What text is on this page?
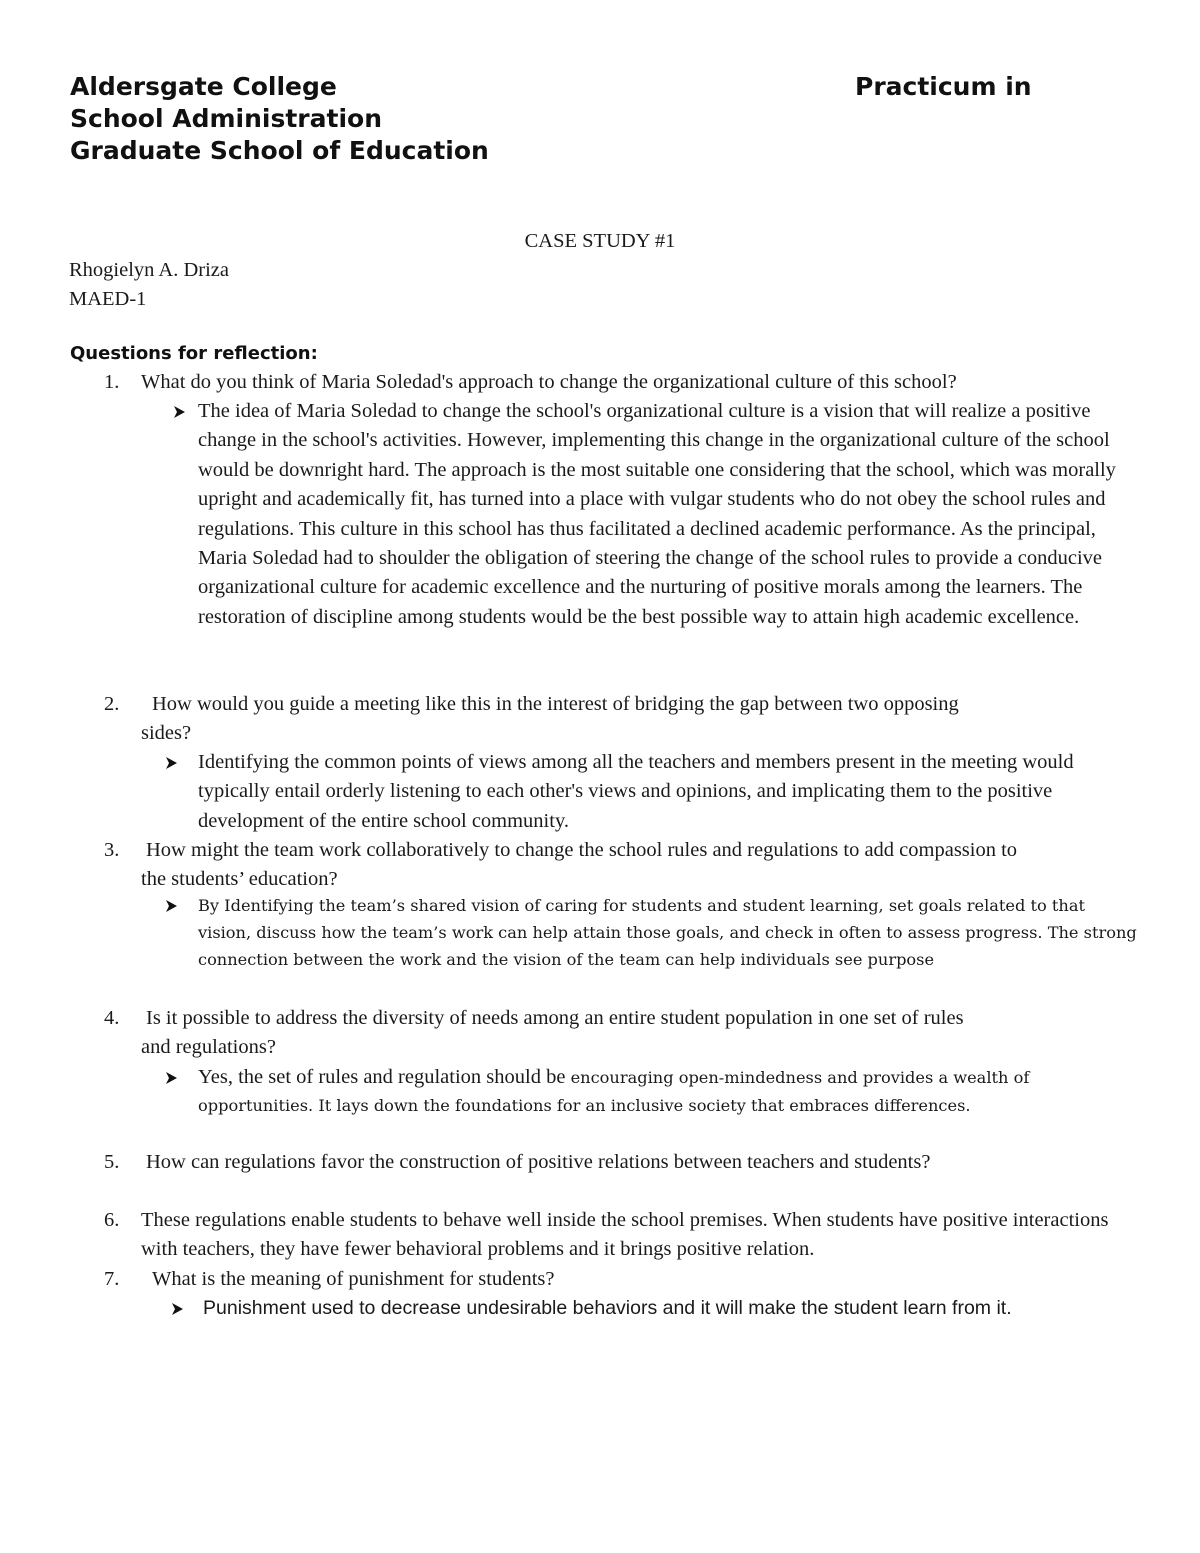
Aldersgate College	Practicum in
School Administration
Graduate School of Education
CASE STUDY #1
Rhogielyn A. Driza
MAED-1
Questions for reflection:
1. What do you think of Maria Soledad's approach to change the organizational culture of this school?
The idea of Maria Soledad to change the school's organizational culture is a vision that will realize a positive change in the school's activities. However, implementing this change in the organizational culture of the school would be downright hard. The approach is the most suitable one considering that the school, which was morally upright and academically fit, has turned into a place with vulgar students who do not obey the school rules and regulations. This culture in this school has thus facilitated a declined academic performance. As the principal, Maria Soledad had to shoulder the obligation of steering the change of the school rules to provide a conducive organizational culture for academic excellence and the nurturing of positive morals among the learners. The restoration of discipline among students would be the best possible way to attain high academic excellence.
2.	How would you guide a meeting like this in the interest of bridging the gap between two opposing sides?
Identifying the common points of views among all the teachers and members present in the meeting would typically entail orderly listening to each other's views and opinions, and implicating them to the positive development of the entire school community.
3. How might the team work collaboratively to change the school rules and regulations to add compassion to the students’ education?
By Identifying the team’s shared vision of caring for students and student learning, set goals related to that vision, discuss how the team’s work can help attain those goals, and check in often to assess progress. The strong connection between the work and the vision of the team can help individuals see purpose
4. Is it possible to address the diversity of needs among an entire student population in one set of rules and regulations?
Yes, the set of rules and regulation should be encouraging open-mindedness and provides a wealth of opportunities. It lays down the foundations for an inclusive society that embraces differences.
5. How can regulations favor the construction of positive relations between teachers and students?
6. These regulations enable students to behave well inside the school premises. When students have positive interactions with teachers, they have fewer behavioral problems and it brings positive relation.
7. What is the meaning of punishment for students?
Punishment used to decrease undesirable behaviors and it will make the student learn from it.
